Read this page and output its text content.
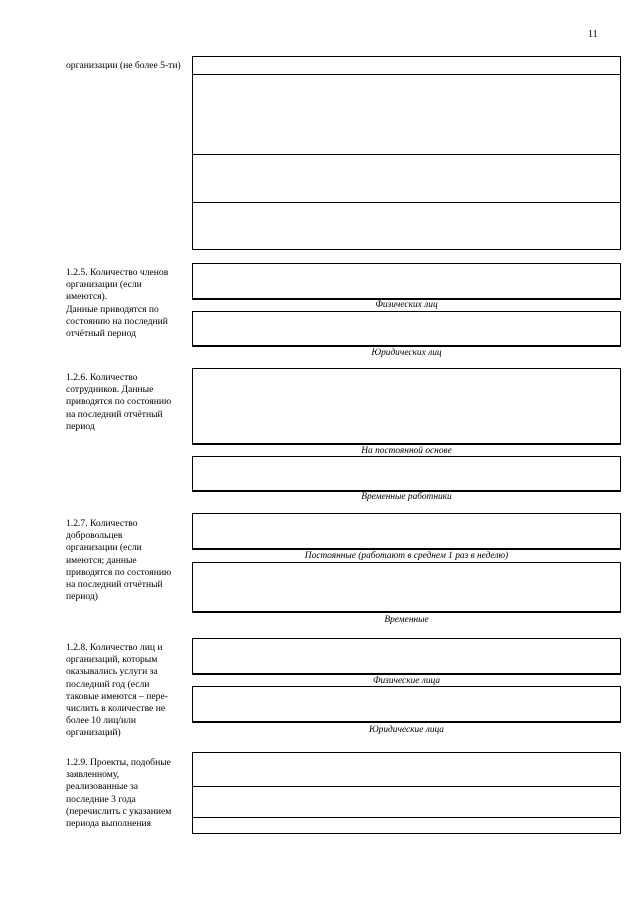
11
организации (не более 5-ти)
1.2.5. Количество членов
организации (если
имеются).
Данные приводятся по
состоянию на последний
отчётный период
Физических лиц
Юридических лиц
1.2.6. Количество
сотрудников. Данные
приводятся по состоянию
на последний отчётный
период
На постоянной основе
Временные работники
1.2.7. Количество
добровольцев
организации (если
имеются; данные
приводятся по состоянию
на последний отчётный
период)
Постоянные (работают в среднем 1 раз в неделю)
Временные
1.2.8. Количество лиц и
организаций, которым
оказывались услуги за
последний год (если
таковые имеются – пере-
числить в количестве не
более 10 лиц/или
организаций)
Физические лица
Юридические лица
1.2.9. Проекты, подобные
заявленному,
реализованные за
последние 3 года
(перечислить с указанием
периода выполнения
